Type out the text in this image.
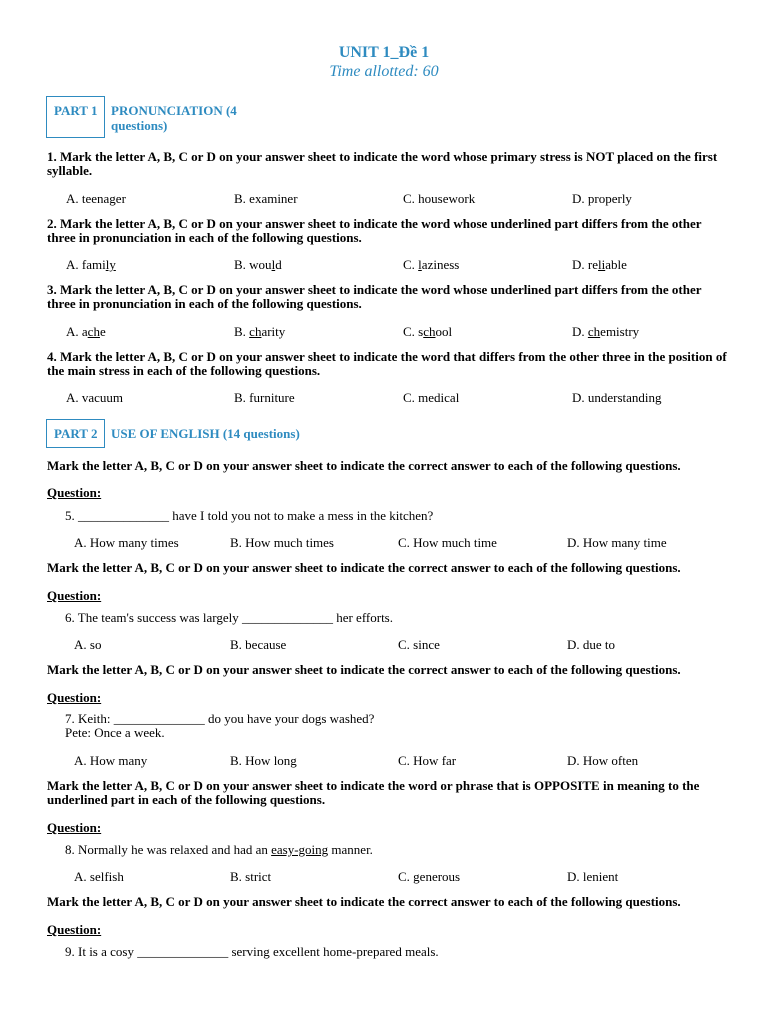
UNIT 1_Đề 1
Time allotted: 60
PART 1	PRONUNCIATION (4
questions)
1. Mark the letter A, B, C or D on your answer sheet to indicate the word whose primary stress is NOT placed on the first syllable.
A. teenager	B. examiner	C. housework	D. properly
2. Mark the letter A, B, C or D on your answer sheet to indicate the word whose underlined part differs from the other three in pronunciation in each of the following questions.
A. family	B. would	C. laziness	D. reliable
3. Mark the letter A, B, C or D on your answer sheet to indicate the word whose underlined part differs from the other three in pronunciation in each of the following questions.
A. ache	B. charity	C. school	D. chemistry
4. Mark the letter A, B, C or D on your answer sheet to indicate the word that differs from the other three in the position of the main stress in each of the following questions.
A. vacuum	B. furniture	C. medical	D. understanding
PART 2	USE OF ENGLISH (14 questions)
Mark the letter A, B, C or D on your answer sheet to indicate the correct answer to each of the following questions.
Question:
5. ______________ have I told you not to make a mess in the kitchen?
A. How many times	B. How much times	C. How much time	D. How many time
Mark the letter A, B, C or D on your answer sheet to indicate the correct answer to each of the following questions.
Question:
6. The team's success was largely ______________ her efforts.
A. so	B. because	C. since	D. due to
Mark the letter A, B, C or D on your answer sheet to indicate the correct answer to each of the following questions.
Question:
7. Keith: ______________ do you have your dogs washed?
Pete: Once a week.
A. How many	B. How long	C. How far	D. How often
Mark the letter A, B, C or D on your answer sheet to indicate the word or phrase that is OPPOSITE in meaning to the underlined part in each of the following questions.
Question:
8. Normally he was relaxed and had an easy-going manner.
A. selfish	B. strict	C. generous	D. lenient
Mark the letter A, B, C or D on your answer sheet to indicate the correct answer to each of the following questions.
Question:
9. It is a cosy ______________ serving excellent home-prepared meals.
